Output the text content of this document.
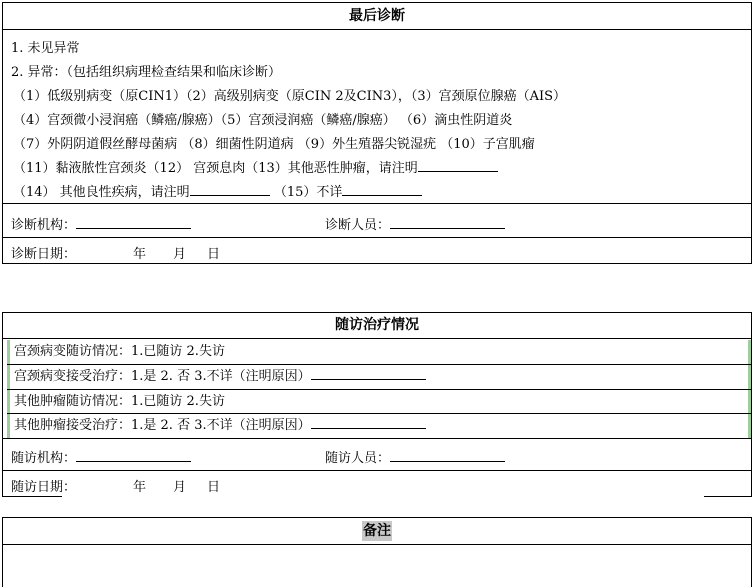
最后诊断
1. 未见异常
2. 异常：（包括组织病理检查结果和临床诊断）
（1）低级别病变（原CIN1）（2）高级别病变（原CIN 2及CIN3），（3）宫颈原位腺癌（AIS）
（4）宫颈微小浸润癌（鳞癌/腺癌）（5）宫颈浸润癌（鳞癌/腺癌） （6）滴虫性阴道炎
（7）外阴阴道假丝酵母菌病 （8）细菌性阴道病 （9）外生殖器尖锐湿疣 （10）子宫肌瘤
（11）黏液脓性宫颈炎（12） 宫颈息肉（13）其他恶性肿瘤，请注明
（14） 其他良性疾病，请注明	（15）不详
诊断机构：	诊断人员：
诊断日期：	年 月 日
随访治疗情况
宫颈病变随访情况：1.已随访 2.失访
宫颈病变接受治疗：1.是 2. 否 3.不详（注明原因）
其他肿瘤随访情况：1.已随访 2.失访
其他肿瘤接受治疗：1.是 2. 否 3.不详（注明原因）
随访机构：	随访人员：
随访日期：	年 月 日
备注
